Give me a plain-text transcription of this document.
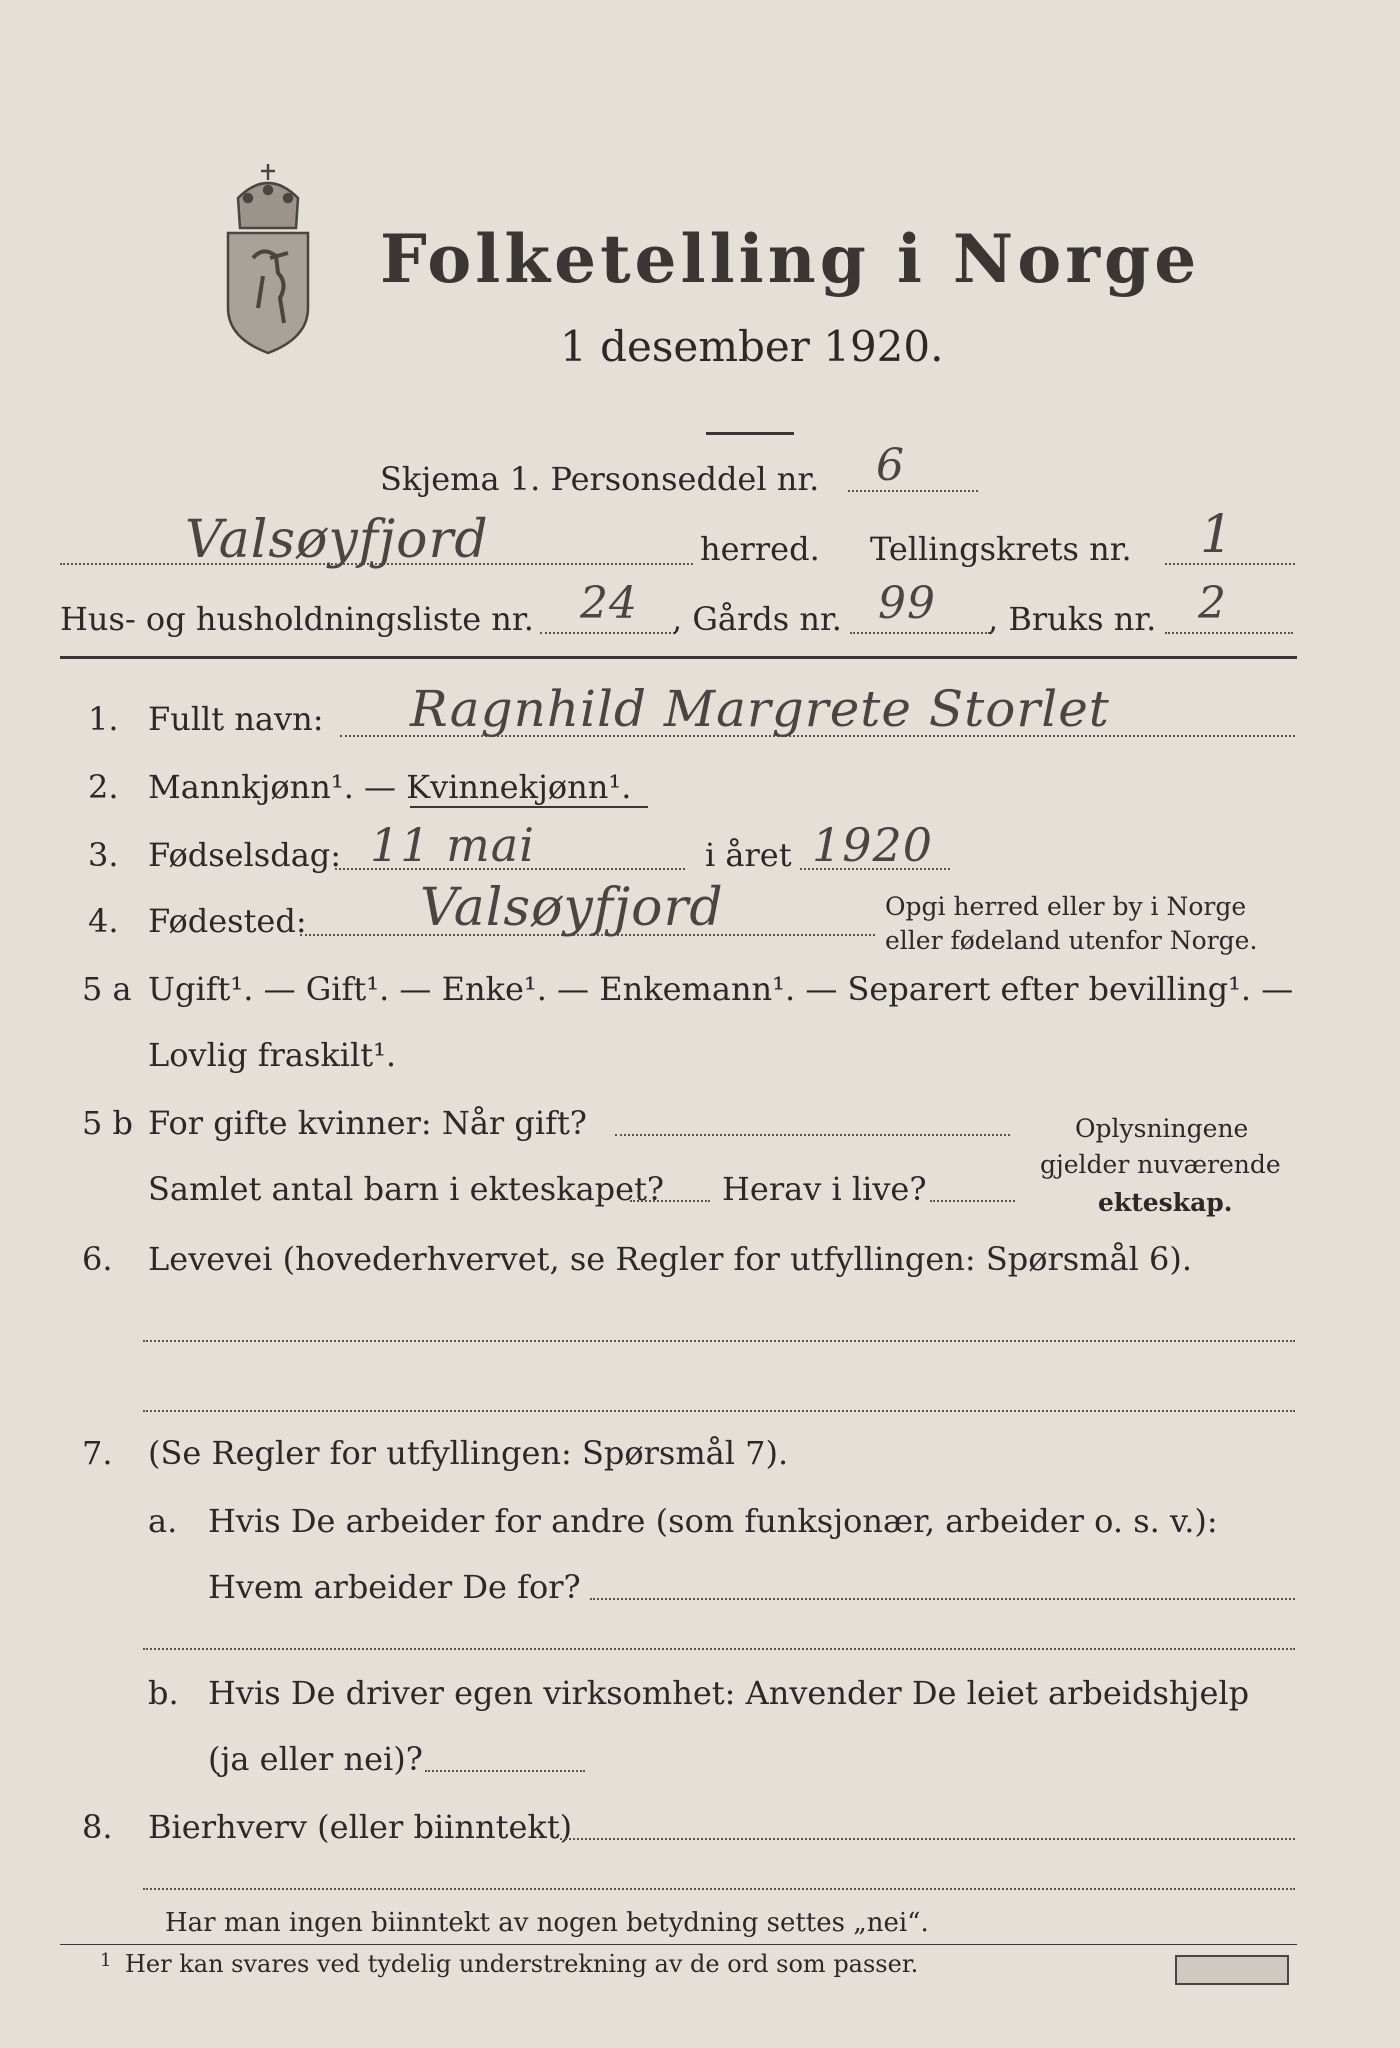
Folketelling i Norge
1 desember 1920.
Skjema 1. Personseddel nr. 6
Valsøyfjord	herred. Tellingskrets nr. 1
Hus- og husholdningsliste nr. 24 , Gårds nr. 99 , Bruks nr. 2
1. Fullt navn: Ragnhild Margrete Storlet
2. Mannkjønn¹. — Kvinnekjønn¹.
3. Fødselsdag: 11 mai	i året 1920
4. Fødested: Valsøyfjord	Opgi herred eller by i Norge
eller fødeland utenfor Norge.
5 a Ugift¹. — Gift¹. — Enke¹. — Enkemann¹. — Separert efter bevilling¹. —
Lovlig fraskilt¹.
5 b For gifte kvinner: Når gift?
Samlet antal barn i ekteskapet? Herav i live?
Oplysningene
gjelder nuværende
ekteskap.
6. Levevei (hovederhvervet, se Regler for utfyllingen: Spørsmål 6).
7. (Se Regler for utfyllingen: Spørsmål 7).
a. Hvis De arbeider for andre (som funksjonær, arbeider o. s. v.):
Hvem arbeider De for?
b. Hvis De driver egen virksomhet: Anvender De leiet arbeidshjelp
(ja eller nei)?
8. Bierhverv (eller biinntekt)
Har man ingen biinntekt av nogen betydning settes „nei“.
1 Her kan svares ved tydelig understrekning av de ord som passer.
